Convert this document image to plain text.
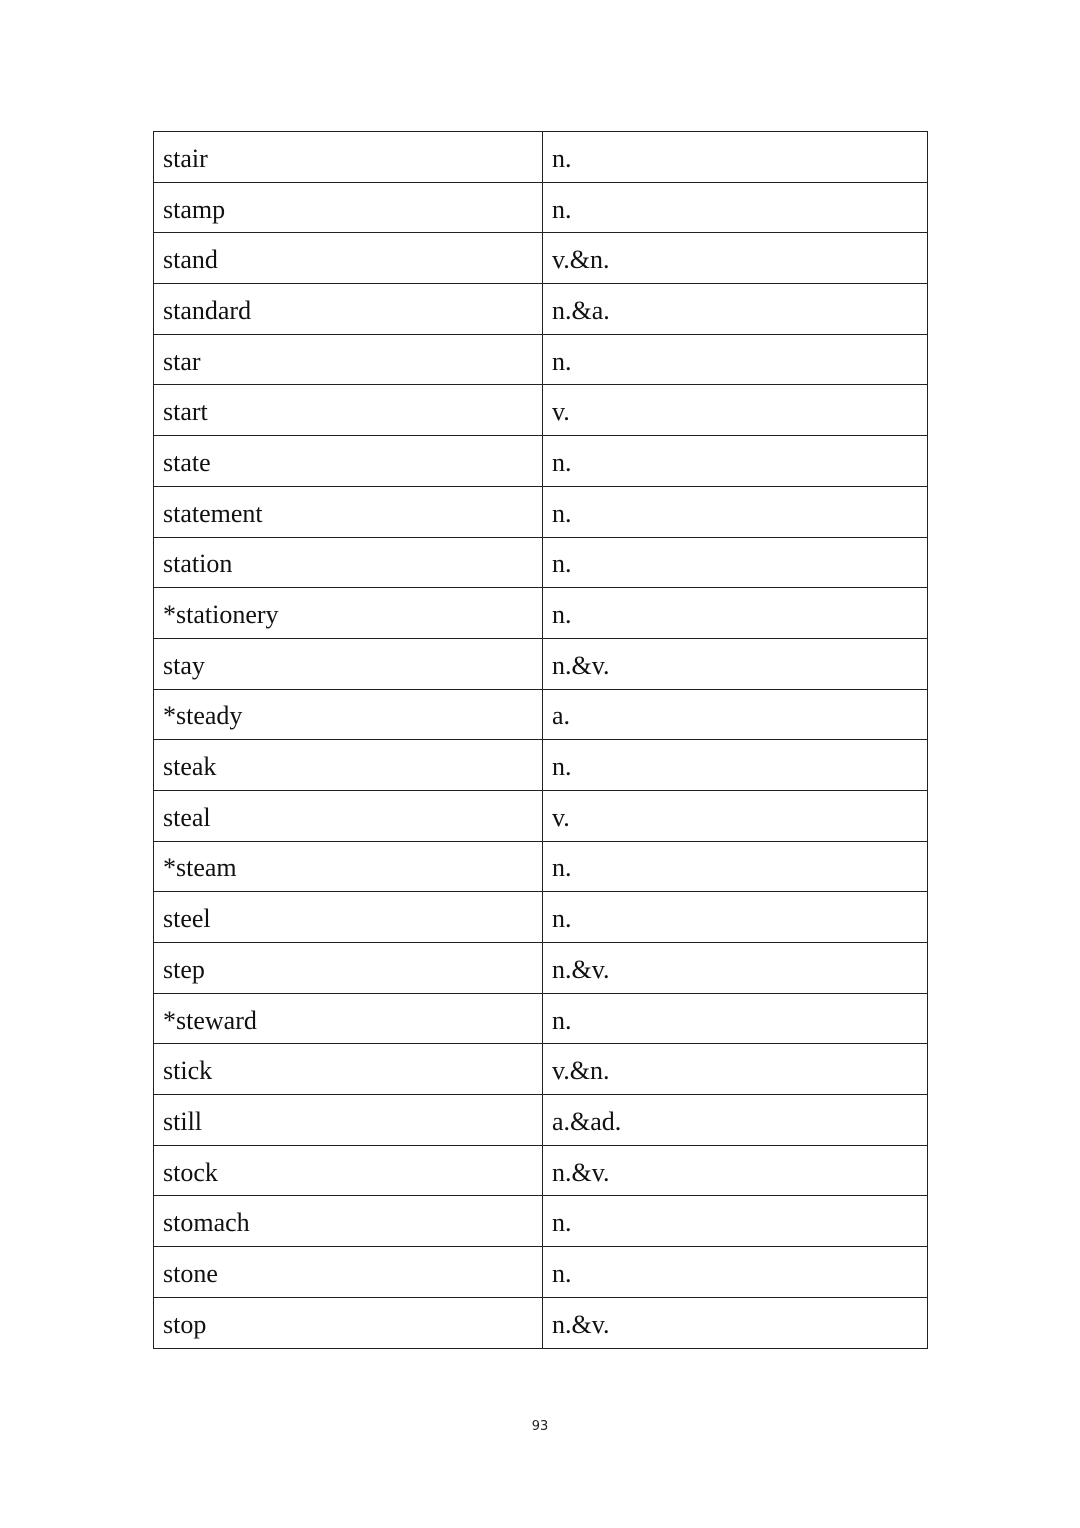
stair	n.
stamp	n.
stand	v.&n.
standard	n.&a.
star	n.
start	v.
state	n.
statement	n.
station	n.
*stationery	n.
stay	n.&v.
*steady	a.
steak	n.
steal	v.
*steam	n.
steel	n.
step	n.&v.
*steward	n.
stick	v.&n.
still	a.&ad.
stock	n.&v.
stomach	n.
stone	n.
stop	n.&v.
93
